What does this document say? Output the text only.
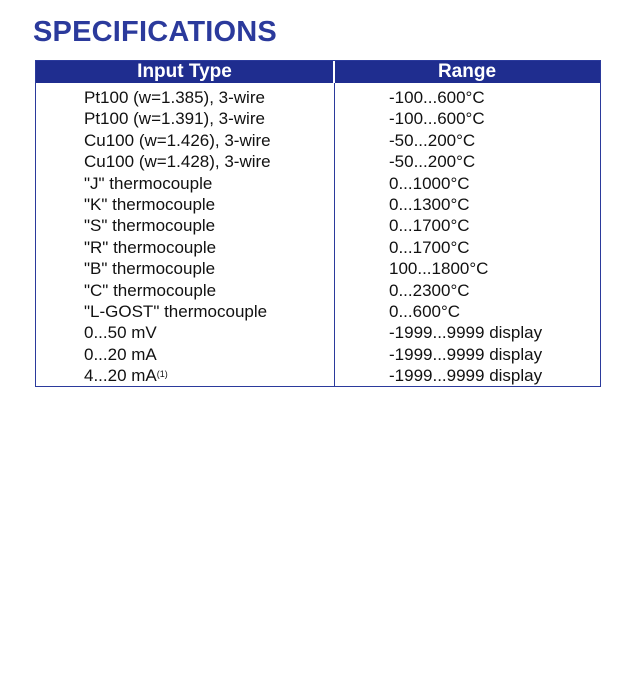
SPECIFICATIONS
Input Type	Range
Pt100 (w=1.385), 3-wire
Pt100 (w=1.391), 3-wire
Cu100 (w=1.426), 3-wire
Cu100 (w=1.428), 3-wire
"J" thermocouple
"K" thermocouple
"S" thermocouple
"R" thermocouple
"B" thermocouple
"C" thermocouple
"L-GOST" thermocouple
0...50 mV
0...20 mA
4...20 $mA^{(1)}$
-100...600°C
-100...600°C
-50...200°C
-50...200°C
0...1000°C
0...1300°C
0...1700°C
0...1700°C
100...1800°C
0...2300°C
0...600°C
-1999...9999 display
-1999...9999 display
-1999...9999 display
